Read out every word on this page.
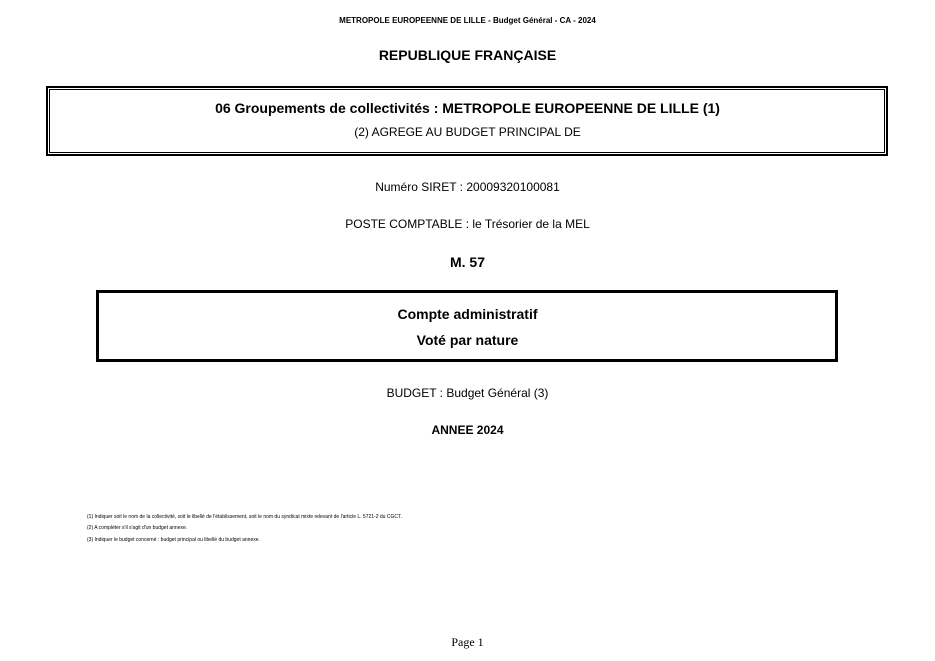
METROPOLE EUROPEENNE DE LILLE - Budget Général - CA - 2024
REPUBLIQUE FRANÇAISE
06 Groupements de collectivités : METROPOLE EUROPEENNE DE LILLE (1)
(2) AGREGE AU BUDGET PRINCIPAL DE
Numéro SIRET : 20009320100081
POSTE COMPTABLE : le Trésorier de la MEL
M. 57
Compte administratif
Voté par nature
BUDGET : Budget Général (3)
ANNEE 2024
(1) Indiquer soit le nom de la collectivité, soit le libellé de l'établissement, soit le nom du syndicat mixte relevant de l'article L. 5721-2 du CGCT.
(2) A compléter s'il s'agit d'un budget annexe.
(3) Indiquer le budget concerné : budget principal ou libellé du budget annexe.
Page 1
